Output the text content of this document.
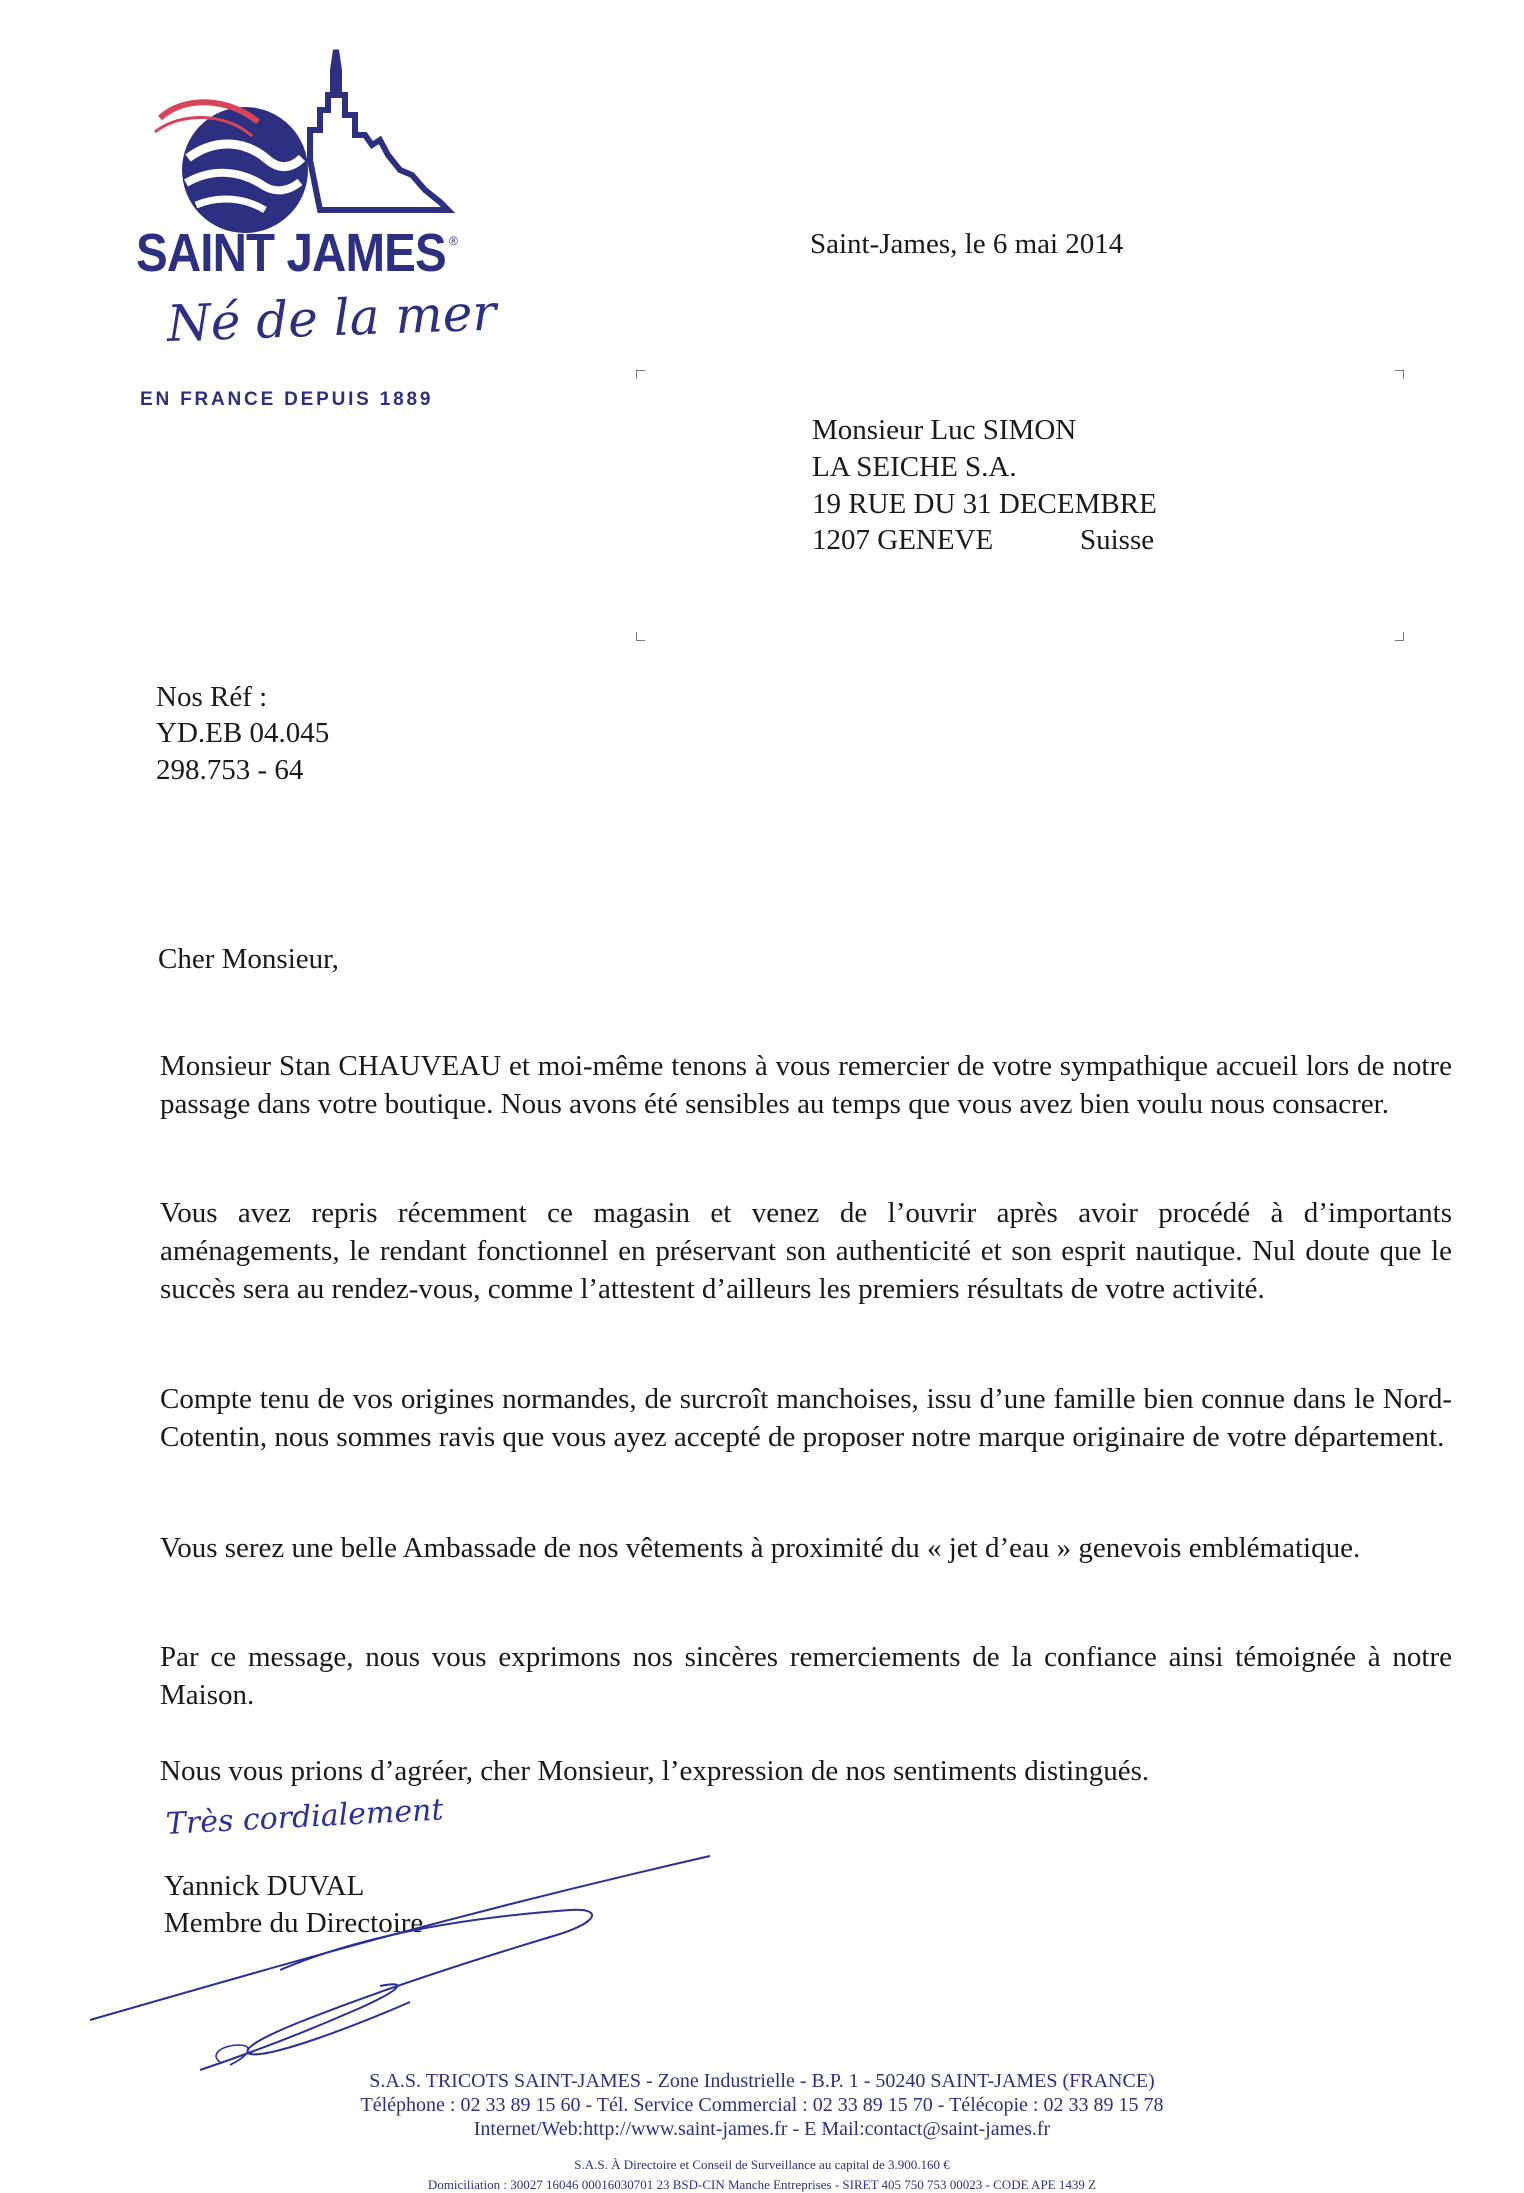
SAINT JAMES ®
Né de la mer
EN FRANCE DEPUIS 1889
Saint-James, le 6 mai 2014
Monsieur Luc SIMON
LA SEICHE S.A.
19 RUE DU 31 DECEMBRE
1207 GENEVE	Suisse
Nos Réf :
YD.EB 04.045
298.753 - 64
Cher Monsieur,
Monsieur Stan CHAUVEAU et moi-même tenons à vous remercier de votre sympathique accueil lors de notre passage dans votre boutique. Nous avons été sensibles au temps que vous avez bien voulu nous consacrer.
Vous avez repris récemment ce magasin et venez de l’ouvrir après avoir procédé à d’importants aménagements, le rendant fonctionnel en préservant son authenticité et son esprit nautique. Nul doute que le succès sera au rendez-vous, comme l’attestent d’ailleurs les premiers résultats de votre activité.
Compte tenu de vos origines normandes, de surcroît manchoises, issu d’une famille bien connue dans le Nord-Cotentin, nous sommes ravis que vous ayez accepté de proposer notre marque originaire de votre département.
Vous serez une belle Ambassade de nos vêtements à proximité du « jet d’eau » genevois emblématique.
Par ce message, nous vous exprimons nos sincères remerciements de la confiance ainsi témoignée à notre Maison.
Nous vous prions d’agréer, cher Monsieur, l’expression de nos sentiments distingués.
Très cordialement
Yannick DUVAL
Membre du Directoire
S.A.S. TRICOTS SAINT-JAMES - Zone Industrielle - B.P. 1 - 50240 SAINT-JAMES (FRANCE)
Téléphone : 02 33 89 15 60 - Tél. Service Commercial : 02 33 89 15 70 - Télécopie : 02 33 89 15 78
Internet/Web:http://www.saint-james.fr - E Mail:contact@saint-james.fr
S.A.S. À Directoire et Conseil de Surveillance au capital de 3.900.160 €
Domiciliation : 30027 16046 00016030701 23 BSD-CIN Manche Entreprises - SIRET 405 750 753 00023 - CODE APE 1439 Z
